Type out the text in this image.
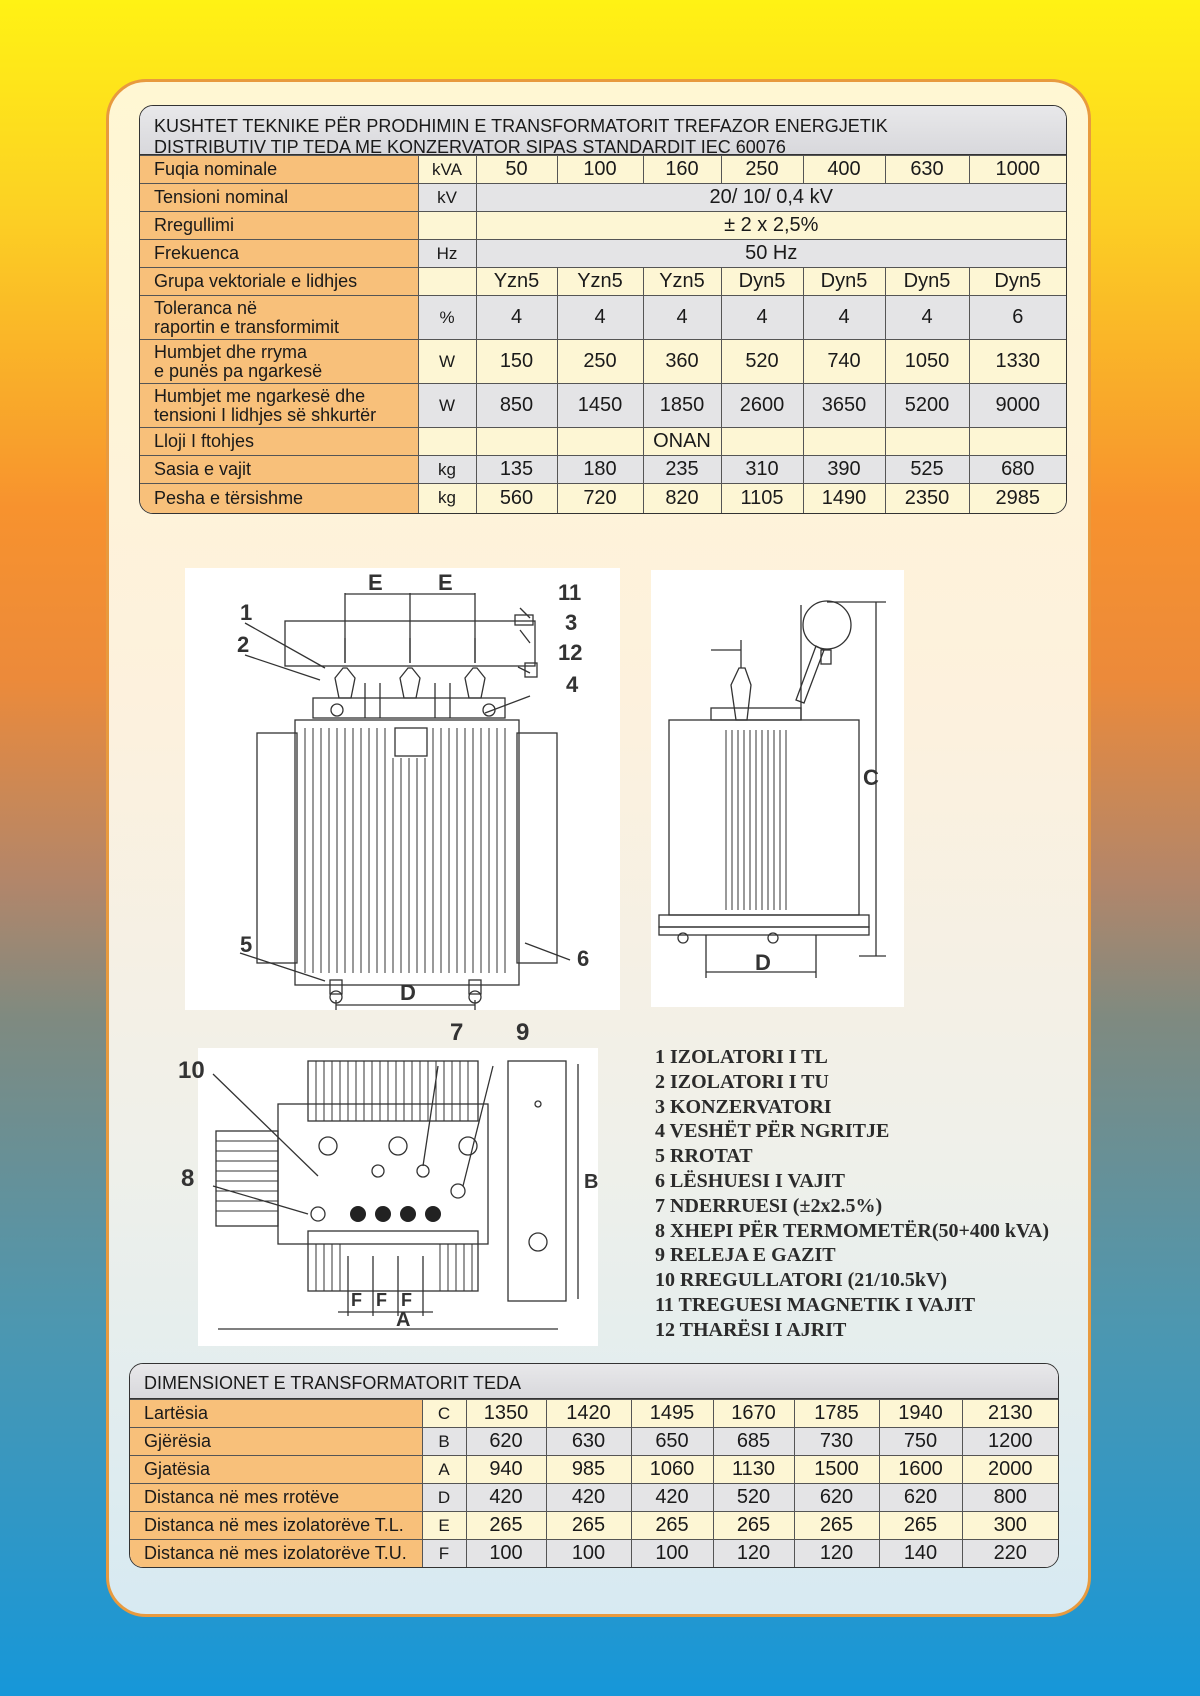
KUSHTET TEKNIKE PËR PRODHIMIN E TRANSFORMATORIT TREFAZOR ENERGJETIK
DISTRIBUTIV TIP TEDA ME KONZERVATOR SIPAS STANDARDIT IEC 60076
Fuqia nominale	kVA	50	100	160	250	400	630	1000
Tensioni nominal	kV	20/ 10/ 0,4 kV						
Rregullimi		± 2 x 2,5%						
Frekuenca	Hz	50 Hz						
Grupa vektoriale e lidhjes		Yzn5	Yzn5	Yzn5	Dyn5	Dyn5	Dyn5	Dyn5

Toleranca në
raportin e transformimit	%	4	4	4	4	4	4	6

Humbjet dhe rryma
e punës pa ngarkesë	W	150	250	360	520	740	1050	1330

Humbjet me ngarkesë dhe
tensioni I lidhjes së shkurtër	W	850	1450	1850	2600	3650	5200	9000
Lloji I ftohjes				ONAN				
Sasia e vajit	kg	135	180	235	310	390	525	680
Pesha e tërsishme	kg	560	720	820	1105	1490	2350	2985
E	E
D
1
2
3
4
5
6
11
12
C
D
A
B
F F F
7
8
9
10	1 IZOLATORI I TL
2 IZOLATORI I TU
3 KONZERVATORI
4 VESHËT PËR NGRITJE
5 RROTAT
6 LËSHUESI I VAJIT
7 NDERRUESI (±2x2.5%)
8 XHEPI PËR TERMOMETËR(50+400 kVA)
9 RELEJA E GAZIT
10 RREGULLATORI (21/10.5kV)
11 TREGUESI MAGNETIK I VAJIT
12 THARËSI I AJRIT
DIMENSIONET E TRANSFORMATORIT TEDA
Lartësia	C	1350	1420	1495	1670	1785	1940	2130
Gjërësia	B	620	630	650	685	730	750	1200
Gjatësia	A	940	985	1060	1130	1500	1600	2000
Distanca në mes rrotëve	D	420	420	420	520	620	620	800
Distanca në mes izolatorëve T.L.	E	265	265	265	265	265	265	300
Distanca në mes izolatorëve T.U.	F	100	100	100	120	120	140	220
